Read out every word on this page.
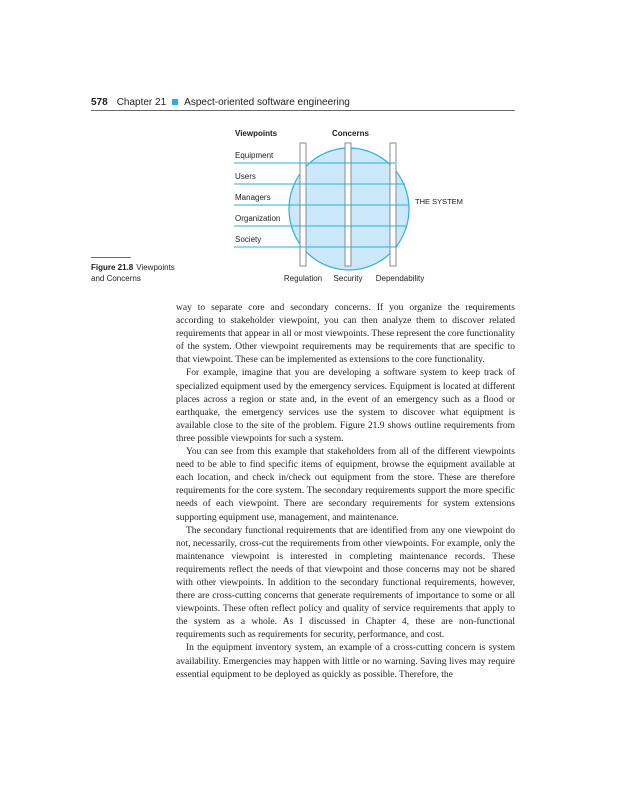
578 Chapter 21 Aspect-oriented software engineering
Viewpoints	Concerns
Equipment
Users
Managers
Organization
Society
THE SYSTEM
Regulation Security Dependability
Figure 21.8 Viewpoints and Concerns

way to separate core and secondary concerns. If you organize the requirements according to stakeholder viewpoint, you can then analyze them to discover related requirements that appear in all or most viewpoints. These represent the core functionality of the system. Other viewpoint requirements may be requirements that are specific to that viewpoint. These can be implemented as extensions to the core functionality.

For example, imagine that you are developing a software system to keep track of specialized equipment used by the emergency services. Equipment is located at different places across a region or state and, in the event of an emergency such as a flood or earthquake, the emergency services use the system to discover what equipment is available close to the site of the problem. Figure 21.9 shows outline requirements from three possible viewpoints for such a system.

You can see from this example that stakeholders from all of the different viewpoints need to be able to find specific items of equipment, browse the equipment available at each location, and check in/check out equipment from the store. These are therefore requirements for the core system. The secondary requirements support the more specific needs of each viewpoint. There are secondary requirements for system extensions supporting equipment use, management, and maintenance.

The secondary functional requirements that are identified from any one viewpoint do not, necessarily, cross-cut the requirements from other viewpoints. For example, only the maintenance viewpoint is interested in completing maintenance records. These requirements reflect the needs of that viewpoint and those concerns may not be shared with other viewpoints. In addition to the secondary functional requirements, however, there are cross-cutting concerns that generate requirements of importance to some or all viewpoints. These often reflect policy and quality of service requirements that apply to the system as a whole. As I discussed in Chapter 4, these are non-functional requirements such as requirements for security, performance, and cost.

In the equipment inventory system, an example of a cross-cutting concern is system availability. Emergencies may happen with little or no warning. Saving lives may require essential equipment to be deployed as quickly as possible. Therefore, the
